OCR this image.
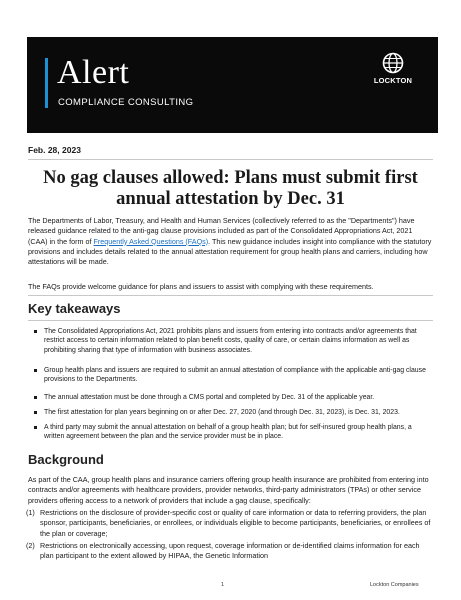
Alert
COMPLIANCE CONSULTING
LOCKTON
Feb. 28, 2023
No gag clauses allowed: Plans must submit first annual attestation by Dec. 31
The Departments of Labor, Treasury, and Health and Human Services (collectively referred to as the "Departments") have released guidance related to the anti-gag clause provisions included as part of the Consolidated Appropriations Act, 2021 (CAA) in the form of Frequently Asked Questions (FAQs). This new guidance includes insight into compliance with the statutory provisions and includes details related to the annual attestation requirement for group health plans and carriers, including how attestations will be made.
The FAQs provide welcome guidance for plans and issuers to assist with complying with these requirements.
Key takeaways
The Consolidated Appropriations Act, 2021 prohibits plans and issuers from entering into contracts and/or agreements that restrict access to certain information related to plan benefit costs, quality of care, or certain claims information as well as prohibiting sharing that type of information with business associates.
Group health plans and issuers are required to submit an annual attestation of compliance with the applicable anti-gag clause provisions to the Departments.
The annual attestation must be done through a CMS portal and completed by Dec. 31 of the applicable year.
The first attestation for plan years beginning on or after Dec. 27, 2020 (and through Dec. 31, 2023), is Dec. 31, 2023.
A third party may submit the annual attestation on behalf of a group health plan; but for self-insured group health plans, a written agreement between the plan and the service provider must be in place.
Background
As part of the CAA, group health plans and insurance carriers offering group health insurance are prohibited from entering into contracts and/or agreements with healthcare providers, provider networks, third-party administrators (TPAs) or other service providers offering access to a network of providers that include a gag clause, specifically:
(1) Restrictions on the disclosure of provider-specific cost or quality of care information or data to referring providers, the plan sponsor, participants, beneficiaries, or enrollees, or individuals eligible to become participants, beneficiaries, or enrollees of the plan or coverage;
(2) Restrictions on electronically accessing, upon request, coverage information or de-identified claims information for each plan participant to the extent allowed by HIPAA, the Genetic Information
1	Lockton Companies
